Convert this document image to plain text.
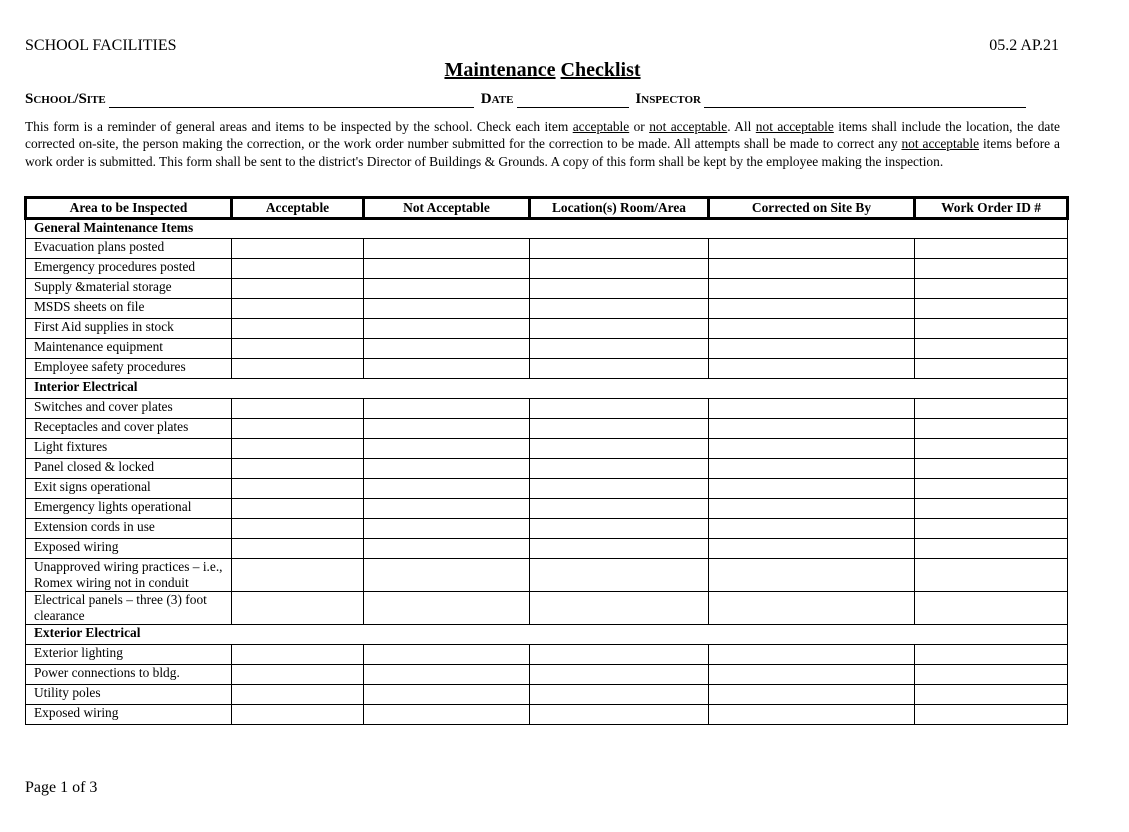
SCHOOL FACILITIES	05.2 AP.21
Maintenance Checklist
School/Site	Date	Inspector
This form is a reminder of general areas and items to be inspected by the school. Check each item acceptable or not acceptable. All not acceptable items shall include the location, the date corrected on-site, the person making the correction, or the work order number submitted for the correction to be made. All attempts shall be made to correct any not acceptable items before a work order is submitted. This form shall be sent to the district's Director of Buildings & Grounds. A copy of this form shall be kept by the employee making the inspection.
Area to be Inspected	Acceptable	Not Acceptable	Location(s) Room/Area	Corrected on Site By	Work Order ID #
General Maintenance Items					
Evacuation plans posted					
Emergency procedures posted					
Supply &material storage					
MSDS sheets on file					
First Aid supplies in stock					
Maintenance equipment					
Employee safety procedures					
Interior Electrical					
Switches and cover plates					
Receptacles and cover plates					
Light fixtures					
Panel closed & locked					
Exit signs operational					
Emergency lights operational					
Extension cords in use					
Exposed wiring					
Unapproved wiring practices – i.e., Romex wiring not in conduit					
Electrical panels – three (3) foot clearance					
Exterior Electrical					
Exterior lighting					
Power connections to bldg.					
Utility poles					
Exposed wiring					
Page 1 of 3
